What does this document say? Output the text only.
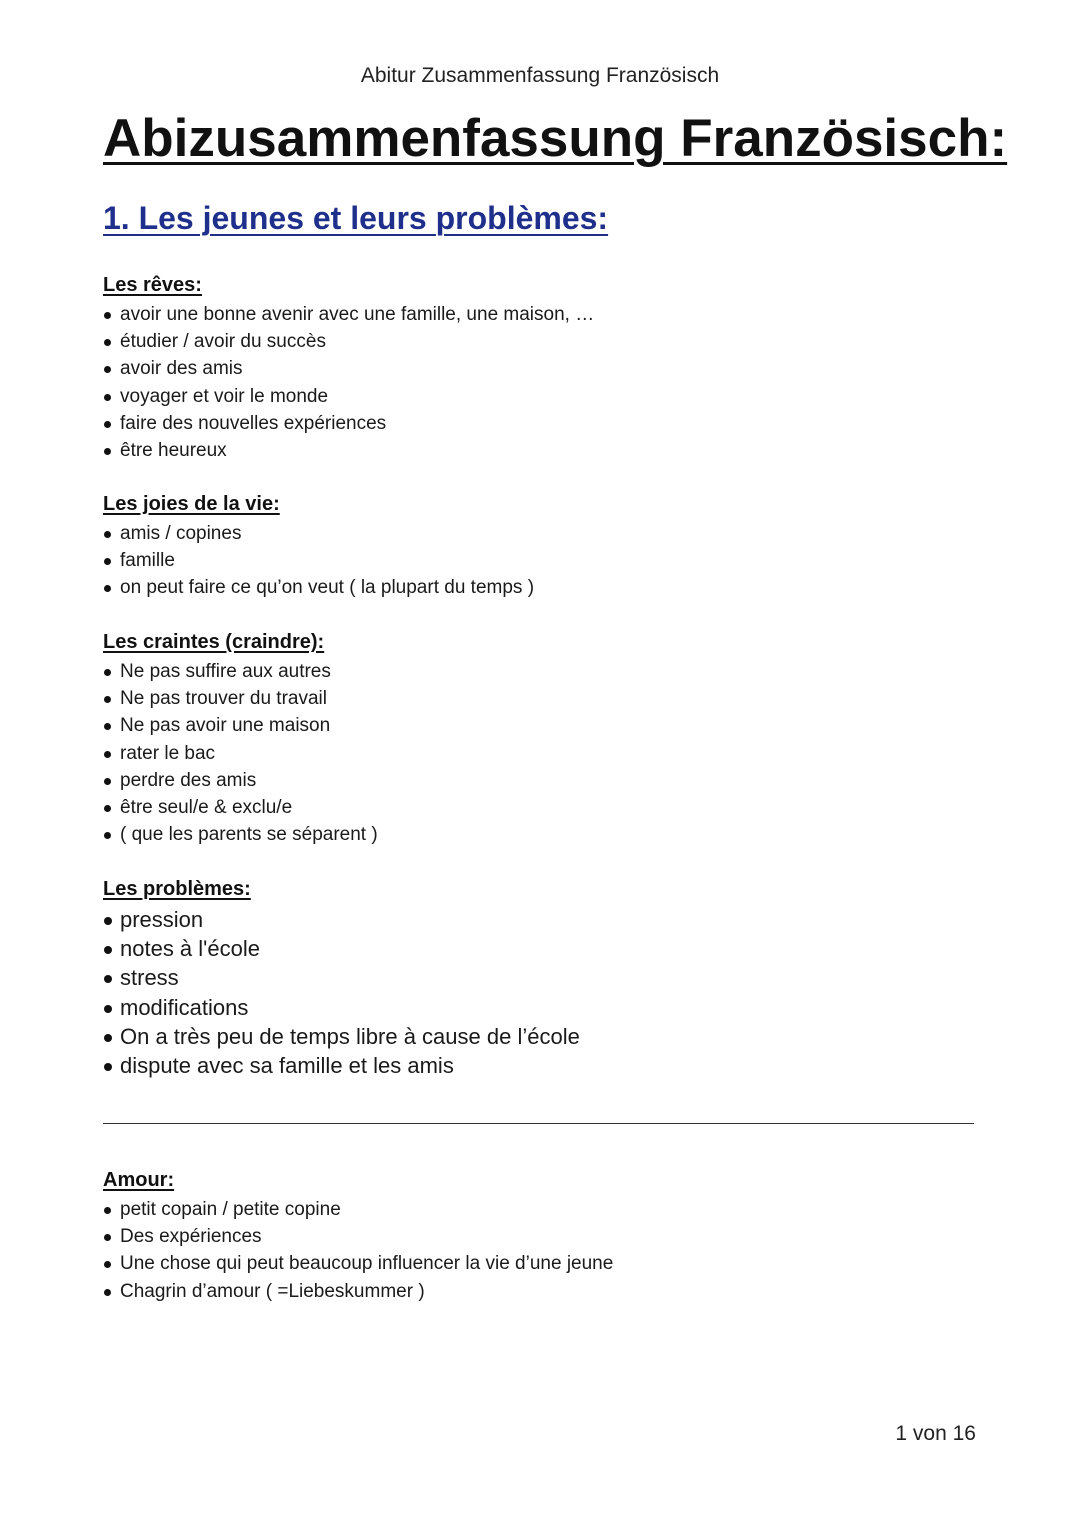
Abitur Zusammenfassung Französisch
Abizusammenfassung Französisch:
1. Les jeunes et leurs problèmes:
Les rêves:
avoir une bonne avenir avec une famille, une maison, …
étudier / avoir du succès
avoir des amis
voyager et voir le monde
faire des nouvelles expériences
être heureux
Les joies de la vie:
amis / copines
famille
on peut faire ce qu’on veut ( la plupart du temps )
Les craintes (craindre):
Ne pas suffire aux autres
Ne pas trouver du travail
Ne pas avoir une maison
rater le bac
perdre des amis
être seul/e & exclu/e
( que les parents se séparent )
Les problèmes:
pression
notes à l'école
stress
modifications
On a très peu de temps libre à cause de l’école
dispute avec sa famille et les amis
Amour:
petit copain / petite copine
Des expériences
Une chose qui peut beaucoup influencer la vie d’une jeune
Chagrin d’amour ( =Liebeskummer )
1 von 16
